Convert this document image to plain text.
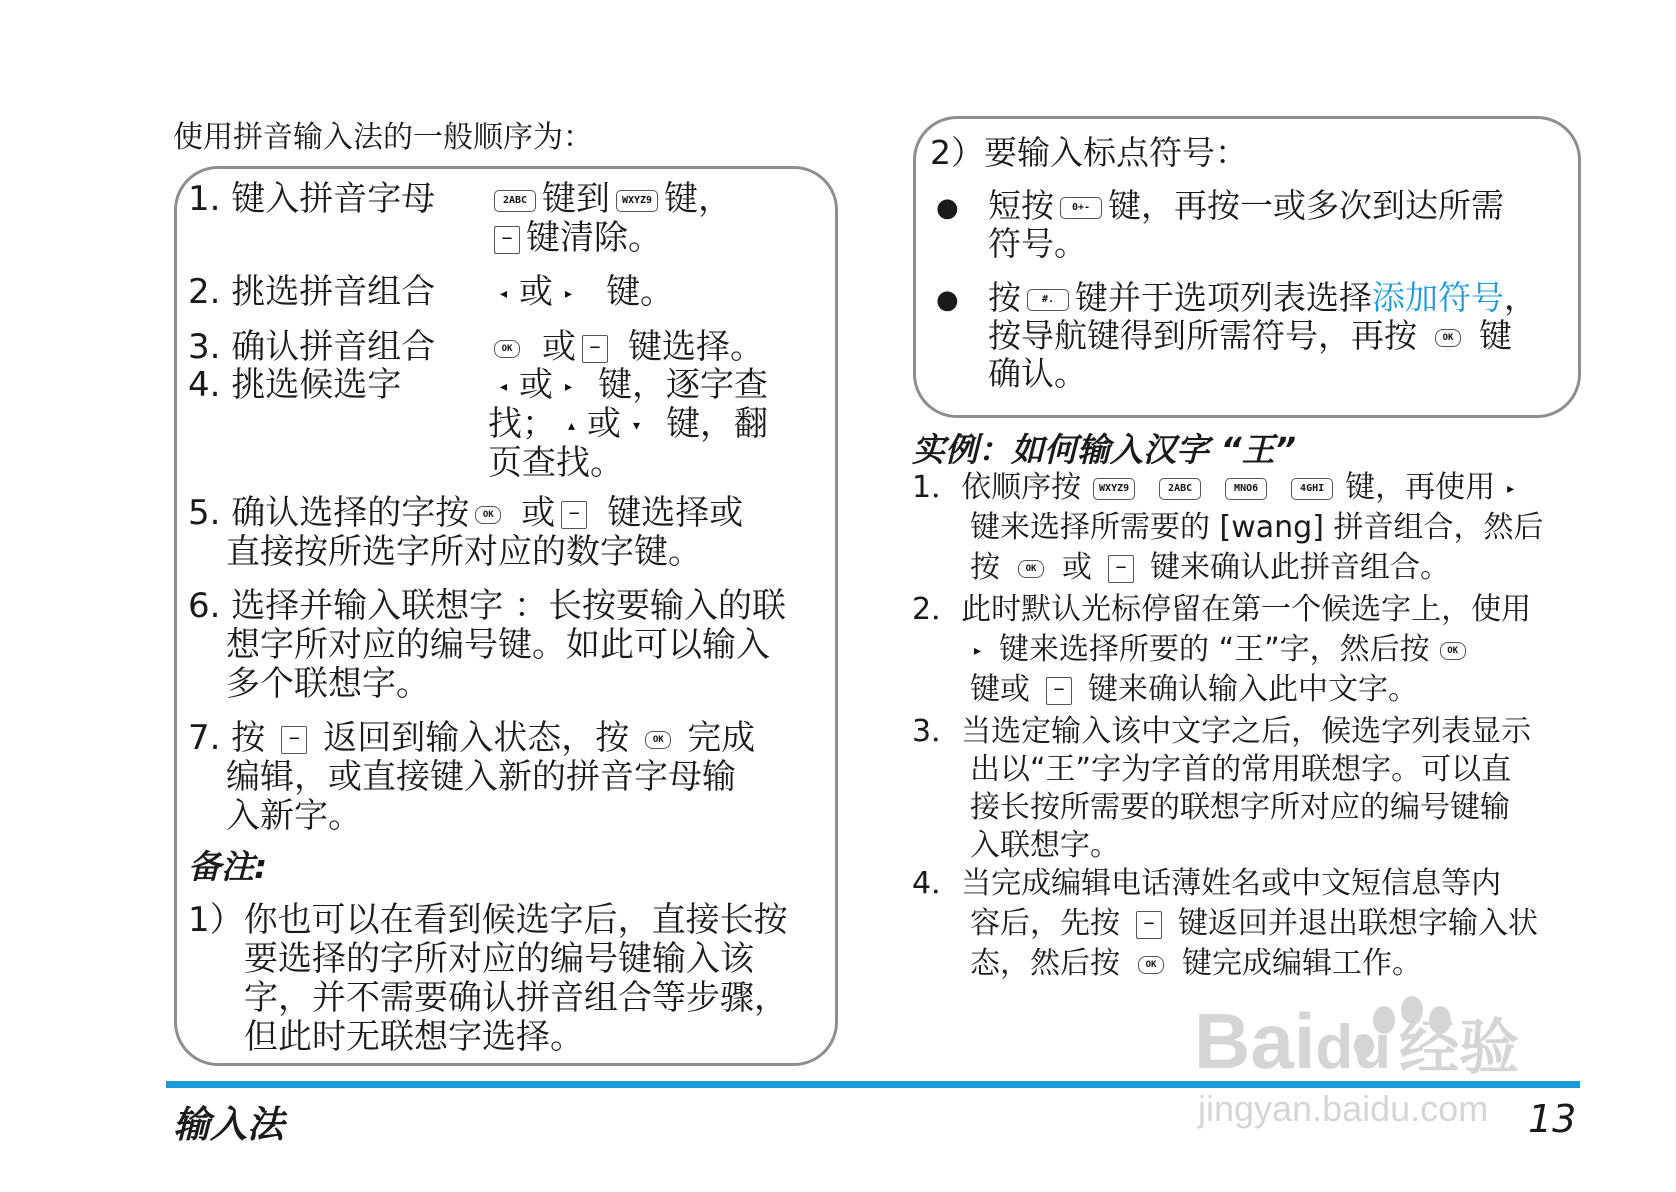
使用拼音输入法的一般顺序为：
1. 键入拼音字母	2ABC 键到 WXYZ9 键，
− 键清除。
2. 挑选拼音组合	◂ 或 ▸ 键。
3. 确认拼音组合	OK 或 − 键选择。
4. 挑选候选字	◂ 或 ▸ 键，逐字查
找； ▴ 或 ▾ 键，翻
页查找。
5. 确认选择的字按 OK 或 − 键选择或
直接按所选字所对应的数字键。
6. 选择并输入联想字 ：长按要输入的联
想字所对应的编号键。如此可以输入
多个联想字。
7. 按 − 返回到输入状态，按	OK 完成
编辑，或直接键入新的拼音字母输
入新字。
备注:
1）你也可以在看到候选字后，直接长按
要选择的字所对应的编号键输入该
字，并不需要确认拼音组合等步骤，
但此时无联想字选择。
2）要输入标点符号：
● 短按 0+- 键，再按一或多次到达所需
符号。
● 按 #. 键并于选项列表选择添加符号，
按导航键得到所需符号，再按	OK 键
确认。
实例：如何输入汉字 “王”
1．依顺序按 WXYZ9	2ABC	MNO6	4GHI 键，再使用 ▸
键来选择所需要的 [wang] 拼音组合，然后
按	OK 或 − 键来确认此拼音组合。
2．此时默认光标停留在第一个候选字上，使用
▸ 键来选择所要的 “王”字，然后按 OK
键或 − 键来确认输入此中文字。
3．当选定输入该中文字之后，候选字列表显示
出以“王”字为字首的常用联想字。可以直
接长按所需要的联想字所对应的编号键输
入联想字。
4．当完成编辑电话薄姓名或中文短信息等内
容后，先按 − 键返回并退出联想字输入状
态，然后按	OK 键完成编辑工作。
输入法	13
Baidu 经验
jingyan.baidu.com
